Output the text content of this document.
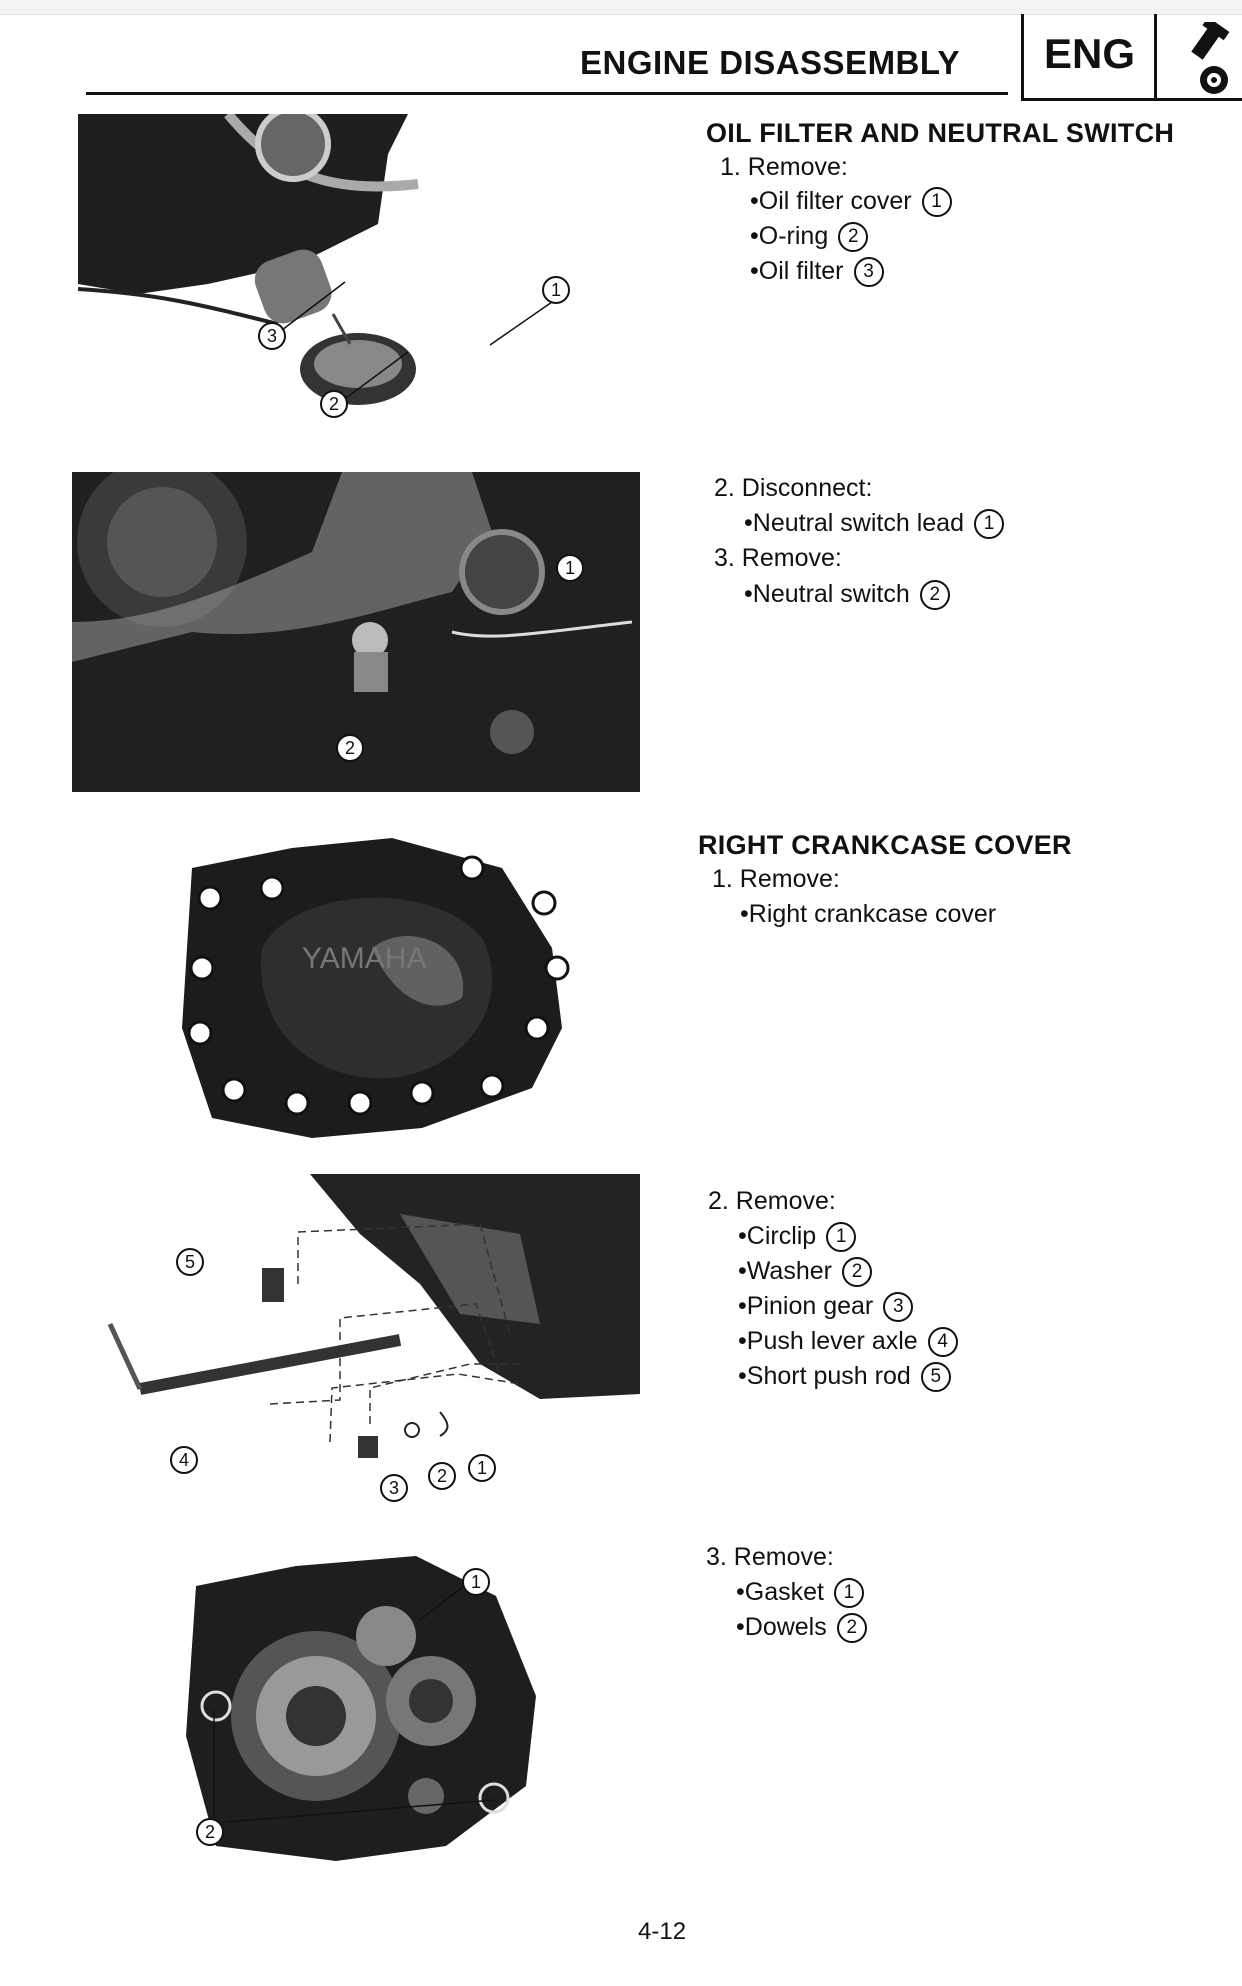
ENGINE DISASSEMBLY ENG
1
3
2
1
2
YAMAHA
5
4
3
2	1
1
2
OIL FILTER AND NEUTRAL SWITCH
1. Remove:
• Oil filter cover 1
• O-ring 2
• Oil filter 3
2. Disconnect:
• Neutral switch lead 1
3. Remove:
• Neutral switch 2
RIGHT CRANKCASE COVER
1. Remove:
• Right crankcase cover
2. Remove:
• Circlip 1
• Washer 2
• Pinion gear 3
• Push lever axle 4
• Short push rod 5
3. Remove:
• Gasket 1
• Dowels 2
4-12
